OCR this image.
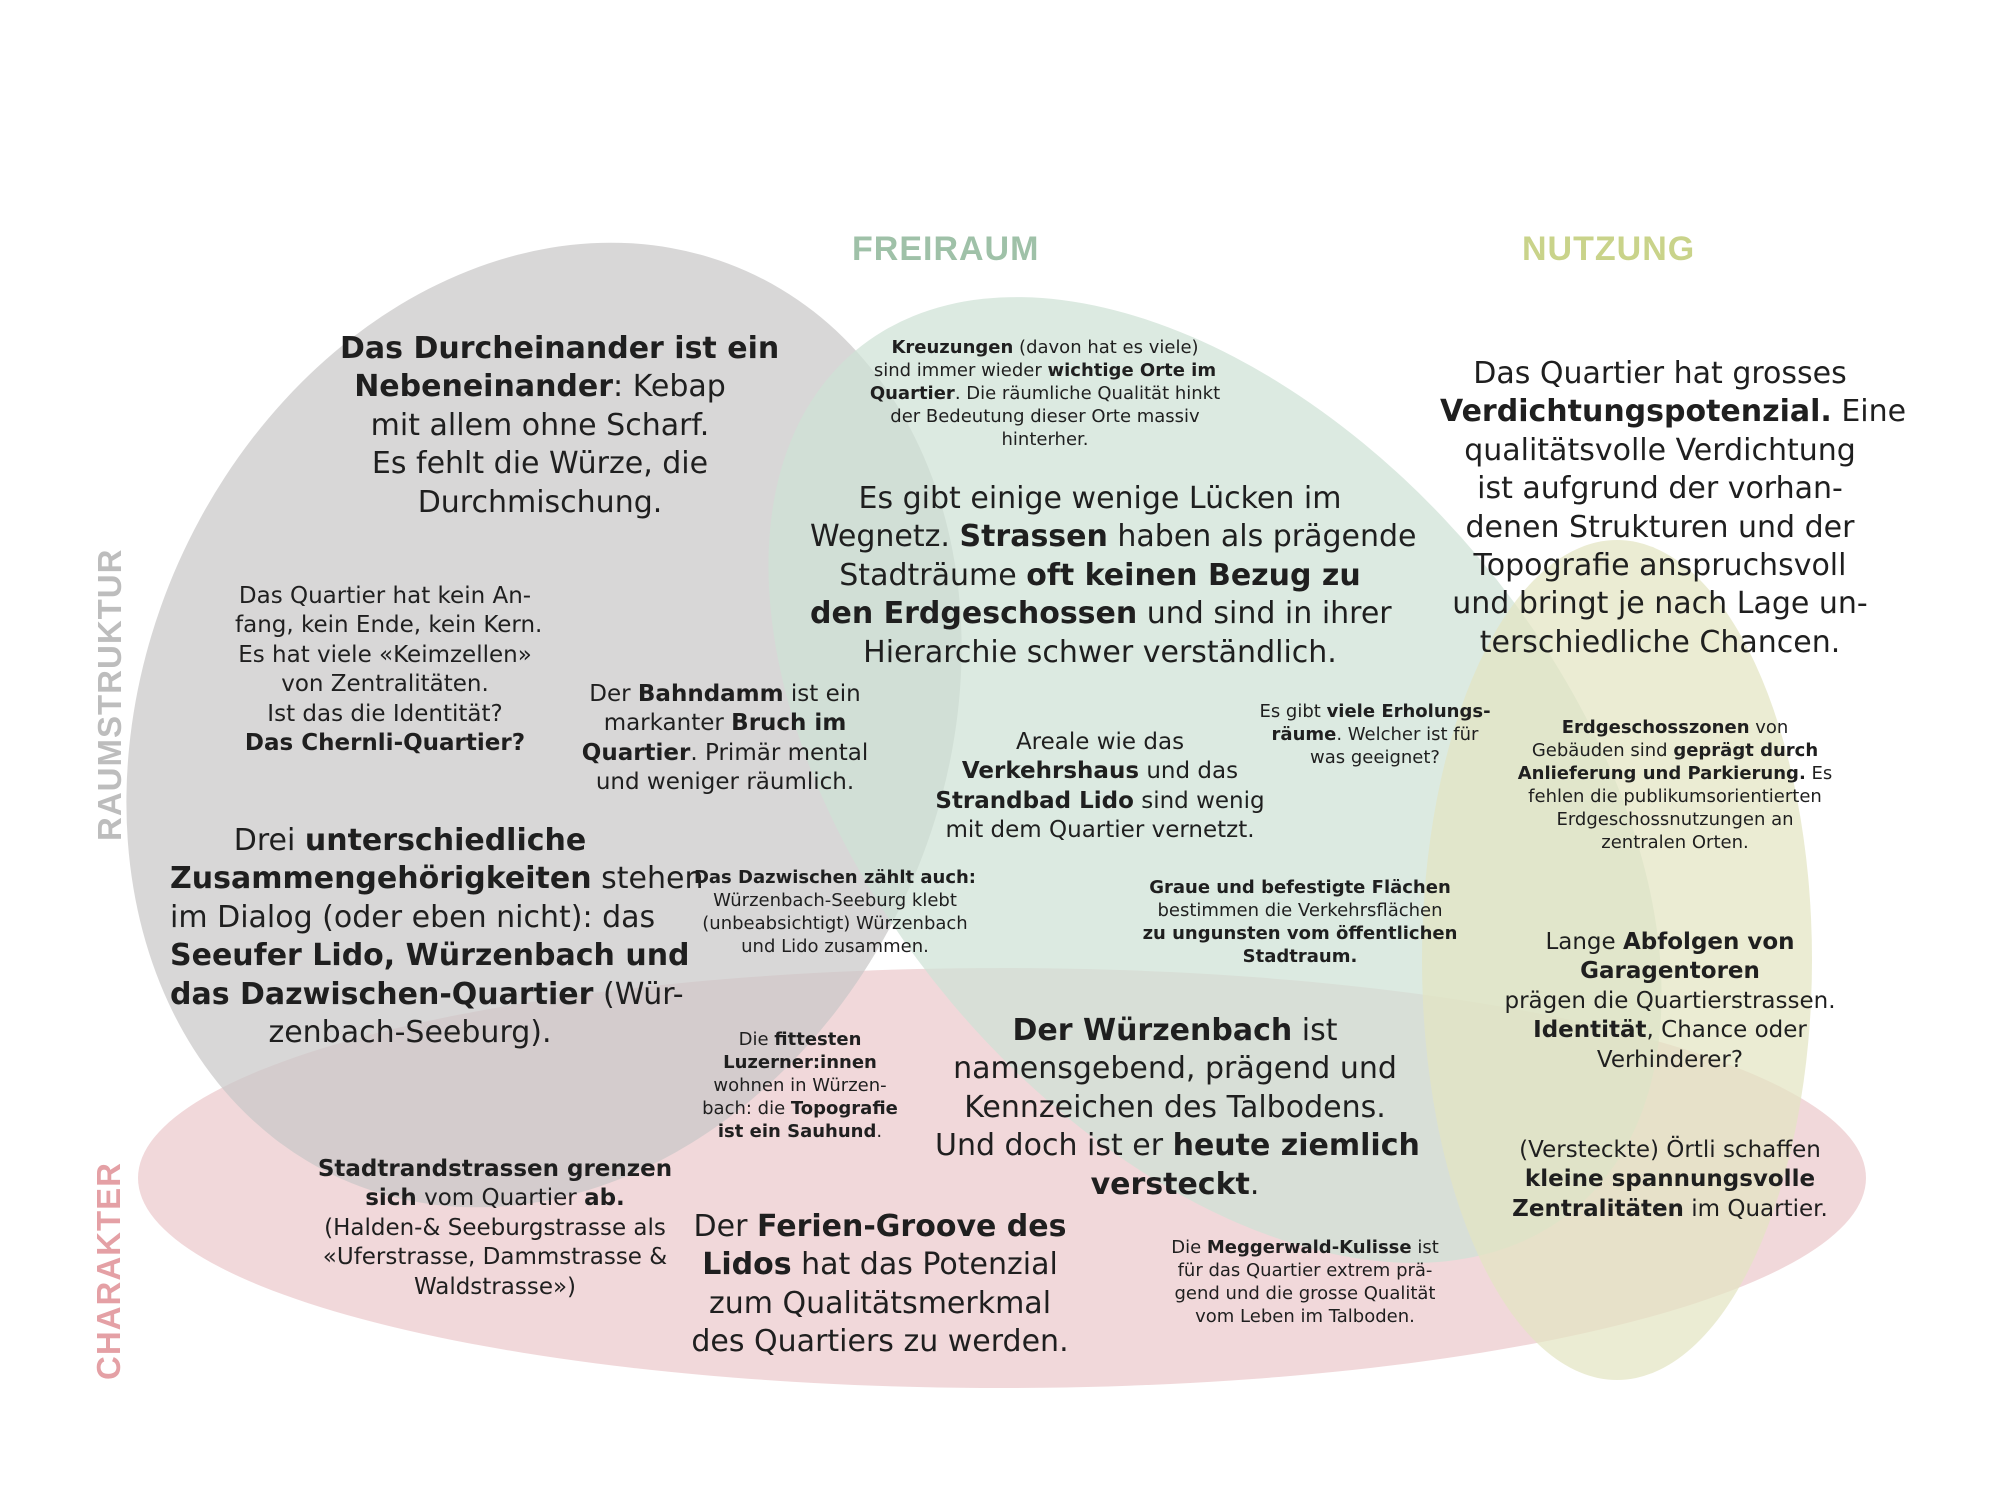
FREIRAUM	NUTZUNG
RAUMSTRUKTUR
CHARAKTER
Das Durcheinander ist ein
Nebeneinander: Kebap
mit allem ohne Scharf.
Es fehlt die Würze, die
Durchmischung.
Das Quartier hat kein An-
fang, kein Ende, kein Kern.
Es hat viele «Keimzellen»
von Zentralitäten.
Ist das die Identität?
Das Chernli-Quartier?
Drei unterschiedliche
Zusammengehörigkeiten stehen
im Dialog (oder eben nicht): das
Seeufer Lido, Würzenbach und
das Dazwischen-Quartier (Wür-
zenbach-Seeburg).
Der Bahndamm ist ein
markanter Bruch im
Quartier. Primär mental
und weniger räumlich.
Kreuzungen (davon hat es viele)
sind immer wieder wichtige Orte im
Quartier. Die räumliche Qualität hinkt
der Bedeutung dieser Orte massiv
hinterher.
Es gibt einige wenige Lücken im
Wegnetz. Strassen haben als prägende
Stadträume oft keinen Bezug zu
den Erdgeschossen und sind in ihrer
Hierarchie schwer verständlich.
Areale wie das
Verkehrshaus und das
Strandbad Lido sind wenig
mit dem Quartier vernetzt.
Es gibt viele Erholungs-
räume. Welcher ist für
was geeignet?
Das Dazwischen zählt auch:
Würzenbach-Seeburg klebt
(unbeabsichtigt) Würzenbach
und Lido zusammen.
Graue und befestigte Flächen
bestimmen die Verkehrsflächen
zu ungunsten vom öffentlichen
Stadtraum.
Das Quartier hat grosses
Verdichtungspotenzial. Eine
qualitätsvolle Verdichtung
ist aufgrund der vorhan-
denen Strukturen und der
Topografie anspruchsvoll
und bringt je nach Lage un-
terschiedliche Chancen.
Erdgeschosszonen von
Gebäuden sind geprägt durch
Anlieferung und Parkierung. Es
fehlen die publikumsorientierten
Erdgeschossnutzungen an
zentralen Orten.
Lange Abfolgen von
Garagentoren
prägen die Quartierstrassen.
Identität, Chance oder
Verhinderer?
Der Würzenbach ist
namensgebend, prägend und
Kennzeichen des Talbodens.
Und doch ist er heute ziemlich
versteckt.
Die fittesten
Luzerner:innen
wohnen in Würzen-
bach: die Topografie
ist ein Sauhund.
Stadtrandstrassen grenzen
sich vom Quartier ab.
(Halden-& Seeburgstrasse als
«Uferstrasse, Dammstrasse &
Waldstrasse»)
Der Ferien-Groove des
Lidos hat das Potenzial
zum Qualitätsmerkmal
des Quartiers zu werden.
Die Meggerwald-Kulisse ist
für das Quartier extrem prä-
gend und die grosse Qualität
vom Leben im Talboden.
(Versteckte) Örtli schaffen
kleine spannungsvolle
Zentralitäten im Quartier.
